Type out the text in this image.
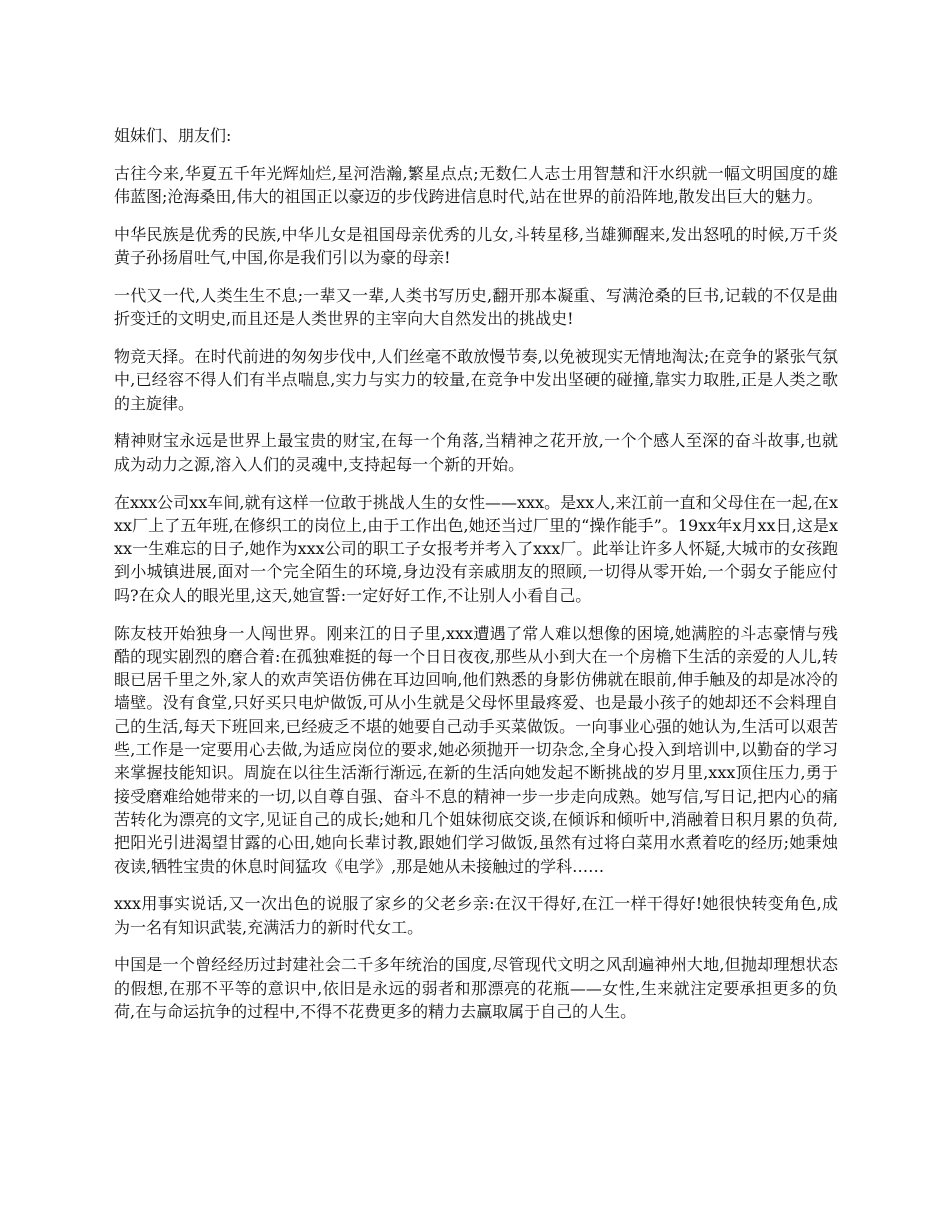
姐妹们、朋友们:

古往今来,华夏五千年光辉灿烂,星河浩瀚,繁星点点;无数仁人志士用智慧和汗水织就一幅文明国度的雄伟蓝图;沧海桑田,伟大的祖国正以豪迈的步伐跨进信息时代,站在世界的前沿阵地,散发出巨大的魅力。

中华民族是优秀的民族,中华儿女是祖国母亲优秀的儿女,斗转星移,当雄狮醒来,发出怒吼的时候,万千炎黄子孙扬眉吐气,中国,你是我们引以为豪的母亲!

一代又一代,人类生生不息;一辈又一辈,人类书写历史,翻开那本凝重、写满沧桑的巨书,记载的不仅是曲折变迁的文明史,而且还是人类世界的主宰向大自然发出的挑战史!

物竞天择。在时代前进的匆匆步伐中,人们丝毫不敢放慢节奏,以免被现实无情地淘汰;在竞争的紧张气氛中,已经容不得人们有半点喘息,实力与实力的较量,在竞争中发出坚硬的碰撞,靠实力取胜,正是人类之歌的主旋律。

精神财宝永远是世界上最宝贵的财宝,在每一个角落,当精神之花开放,一个个感人至深的奋斗故事,也就成为动力之源,溶入人们的灵魂中,支持起每一个新的开始。

在xxx公司xx车间,就有这样一位敢于挑战人生的女性——xxx。是xx人,来江前一直和父母住在一起,在xxx厂上了五年班,在修织工的岗位上,由于工作出色,她还当过厂里的“操作能手”。19xx年x月xx日,这是xxx一生难忘的日子,她作为xxx公司的职工子女报考并考入了xxx厂。此举让许多人怀疑,大城市的女孩跑到小城镇进展,面对一个完全陌生的环境,身边没有亲戚朋友的照顾,一切得从零开始,一个弱女子能应付吗?在众人的眼光里,这天,她宣誓:一定好好工作,不让别人小看自己。

陈友枝开始独身一人闯世界。刚来江的日子里,xxx遭遇了常人难以想像的困境,她满腔的斗志豪情与残酷的现实剧烈的磨合着:在孤独难挺的每一个日日夜夜,那些从小到大在一个房檐下生活的亲爱的人儿,转眼已居千里之外,家人的欢声笑语仿佛在耳边回响,他们熟悉的身影仿佛就在眼前,伸手触及的却是冰冷的墙壁。没有食堂,只好买只电炉做饭,可从小生就是父母怀里最疼爱、也是最小孩子的她却还不会料理自己的生活,每天下班回来,已经疲乏不堪的她要自己动手买菜做饭。一向事业心强的她认为,生活可以艰苦些,工作是一定要用心去做,为适应岗位的要求,她必须抛开一切杂念,全身心投入到培训中,以勤奋的学习来掌握技能知识。周旋在以往生活渐行渐远,在新的生活向她发起不断挑战的岁月里,xxx顶住压力,勇于接受磨难给她带来的一切,以自尊自强、奋斗不息的精神一步一步走向成熟。她写信,写日记,把内心的痛苦转化为漂亮的文字,见证自己的成长;她和几个姐妹彻底交谈,在倾诉和倾听中,消融着日积月累的负荷,把阳光引进渴望甘露的心田,她向长辈讨教,跟她们学习做饭,虽然有过将白菜用水煮着吃的经历;她秉烛夜读,牺牲宝贵的休息时间猛攻《电学》,那是她从未接触过的学科……

xxx用事实说话,又一次出色的说服了家乡的父老乡亲:在汉干得好,在江一样干得好!她很快转变角色,成为一名有知识武装,充满活力的新时代女工。

中国是一个曾经经历过封建社会二千多年统治的国度,尽管现代文明之风刮遍神州大地,但抛却理想状态的假想,在那不平等的意识中,依旧是永远的弱者和那漂亮的花瓶——女性,生来就注定要承担更多的负荷,在与命运抗争的过程中,不得不花费更多的精力去赢取属于自己的人生。
